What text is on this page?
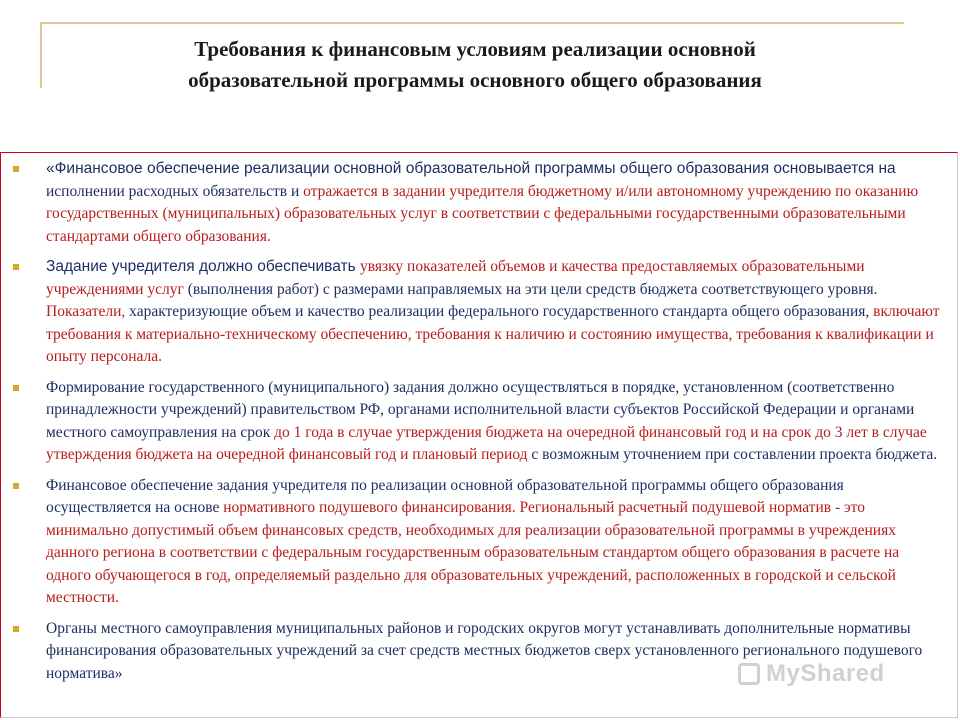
Требования к финансовым условиям реализации основной
образовательной программы основного общего образования
«Финансовое обеспечение реализации основной образовательной программы общего образования основывается на исполнении расходных обязательств и отражается в задании учредителя бюджетному и/или автономному учреждению по оказанию государственных (муниципальных) образовательных услуг в соответствии с федеральными государственными образовательными стандартами общего образования.
Задание учредителя должно обеспечивать увязку показателей объемов и качества предоставляемых образовательными учреждениями услуг (выполнения работ) с размерами направляемых на эти цели средств бюджета соответствующего уровня. Показатели, характеризующие объем и качество реализации федерального государственного стандарта общего образования, включают требования к материально-техническому обеспечению, требования к наличию и состоянию имущества, требования к квалификации и опыту персонала.
Формирование государственного (муниципального) задания должно осуществляться в порядке, установленном (соответственно принадлежности учреждений) правительством РФ, органами исполнительной власти субъектов Российской Федерации и органами местного самоуправления на срок до 1 года в случае утверждения бюджета на очередной финансовый год и на срок до 3 лет в случае утверждения бюджета на очередной финансовый год и плановый период с возможным уточнением при составлении проекта бюджета.
Финансовое обеспечение задания учредителя по реализации основной образовательной программы общего образования осуществляется на основе нормативного подушевого финансирования. Региональный расчетный подушевой норматив - это минимально допустимый объем финансовых средств, необходимых для реализации образовательной программы в учреждениях данного региона в соответствии с федеральным государственным образовательным стандартом общего образования в расчете на одного обучающегося в год, определяемый раздельно для образовательных учреждений, расположенных в городской и сельской местности.
Органы местного самоуправления муниципальных районов и городских округов могут устанавливать дополнительные нормативы финансирования образовательных учреждений за счет средств местных бюджетов сверх установленного регионального подушевого норматива»	MyShared
